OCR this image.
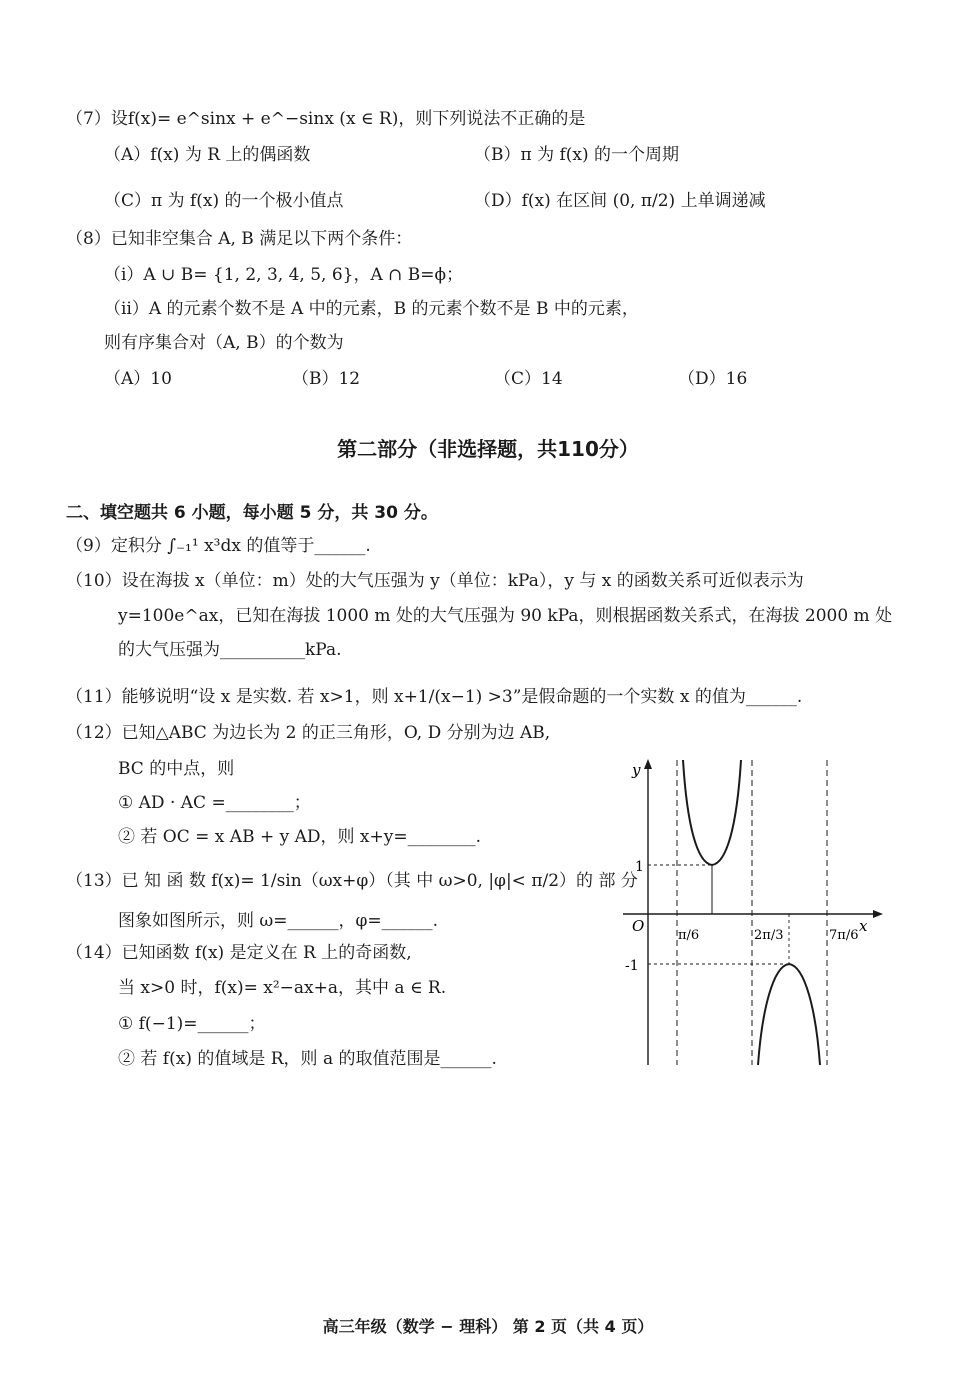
（7）设f(x)= e^sinx + e^−sinx (x ∈ R)，则下列说法不正确的是
（A）f(x) 为 R 上的偶函数	（B）π 为 f(x) 的一个周期
（C）π 为 f(x) 的一个极小值点	（D）f(x) 在区间 (0, π/2) 上单调递减
（8）已知非空集合 A, B 满足以下两个条件：
（ⅰ）A ∪ B= {1, 2, 3, 4, 5, 6}，A ∩ B=ϕ；
（ⅱ）A 的元素个数不是 A 中的元素，B 的元素个数不是 B 中的元素，
则有序集合对（A, B）的个数为
（A）10	（B）12	（C）14	（D）16
第二部分（非选择题，共110分）
二、填空题共 6 小题，每小题 5 分，共 30 分。
（9）定积分 ∫₋₁¹ x³dx 的值等于______.
（10）设在海拔 x（单位：m）处的大气压强为 y（单位：kPa），y 与 x 的函数关系可近似表示为
y=100e^ax，已知在海拔 1000 m 处的大气压强为 90 kPa，则根据函数关系式，在海拔 2000 m 处
的大气压强为__________kPa.
（11）能够说明“设 x 是实数. 若 x>1，则 x+1/(x−1) >3”是假命题的一个实数 x 的值为______.
（12）已知△ABC 为边长为 2 的正三角形，O, D 分别为边 AB,
BC 的中点，则
① AD · AC =________；
② 若 OC = x AB + y AD，则 x+y=________.
（13）已 知 函 数 f(x)= 1/sin（ωx+φ）（其 中 ω>0, |φ|< π/2）的 部 分
图象如图所示，则 ω=______，φ=______.
（14）已知函数 f(x) 是定义在 R 上的奇函数,
当 x>0 时，f(x)= x²−ax+a，其中 a ∈ R.
① f(−1)=______；
② 若 f(x) 的值域是 R，则 a 的取值范围是______.
y
x
O
1
-1
π/6	2π/3	7π/6
高三年级（数学 − 理科） 第 2 页（共 4 页）
